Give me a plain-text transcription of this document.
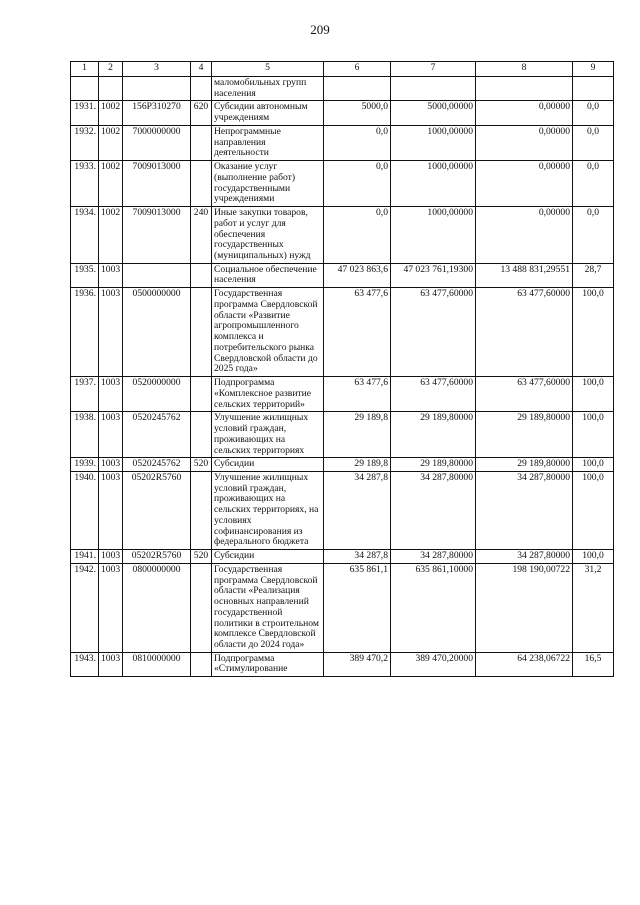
209
1	2	3	4	5	6	7	8	9
				маломобильных групп населения				
1931.	1002	156P310270	620	Субсидии автономным учреждениям	5000,0	5000,00000	0,00000	0,0
1932.	1002	7000000000		Непрограммные направления деятельности	0,0	1000,00000	0,00000	0,0
1933.	1002	7009013000		Оказание услуг (выполнение работ) государственными учреждениями	0,0	1000,00000	0,00000	0,0
1934.	1002	7009013000	240	Иные закупки товаров, работ и услуг для обеспечения государственных (муниципальных) нужд	0,0	1000,00000	0,00000	0,0
1935.	1003			Социальное обеспечение населения	47 023 863,6	47 023 761,19300	13 488 831,29551	28,7
1936.	1003	0500000000		Государственная программа Свердловской области «Развитие агропромышленного комплекса и потребительского рынка Свердловской области до 2025 года»	63 477,6	63 477,60000	63 477,60000	100,0
1937.	1003	0520000000		Подпрограмма «Комплексное развитие сельских территорий»	63 477,6	63 477,60000	63 477,60000	100,0
1938.	1003	0520245762		Улучшение жилищных условий граждан, проживающих на сельских территориях	29 189,8	29 189,80000	29 189,80000	100,0
1939.	1003	0520245762	520	Субсидии	29 189,8	29 189,80000	29 189,80000	100,0
1940.	1003	05202R5760		Улучшение жилищных условий граждан, проживающих на сельских территориях, на условиях софинансирования из федерального бюджета	34 287,8	34 287,80000	34 287,80000	100,0
1941.	1003	05202R5760	520	Субсидии	34 287,8	34 287,80000	34 287,80000	100,0
1942.	1003	0800000000		Государственная программа Свердловской области «Реализация основных направлений государственной политики в строительном комплексе Свердловской области до 2024 года»	635 861,1	635 861,10000	198 190,00722	31,2
1943.	1003	0810000000		Подпрограмма «Стимулирование	389 470,2	389 470,20000	64 238,06722	16,5
